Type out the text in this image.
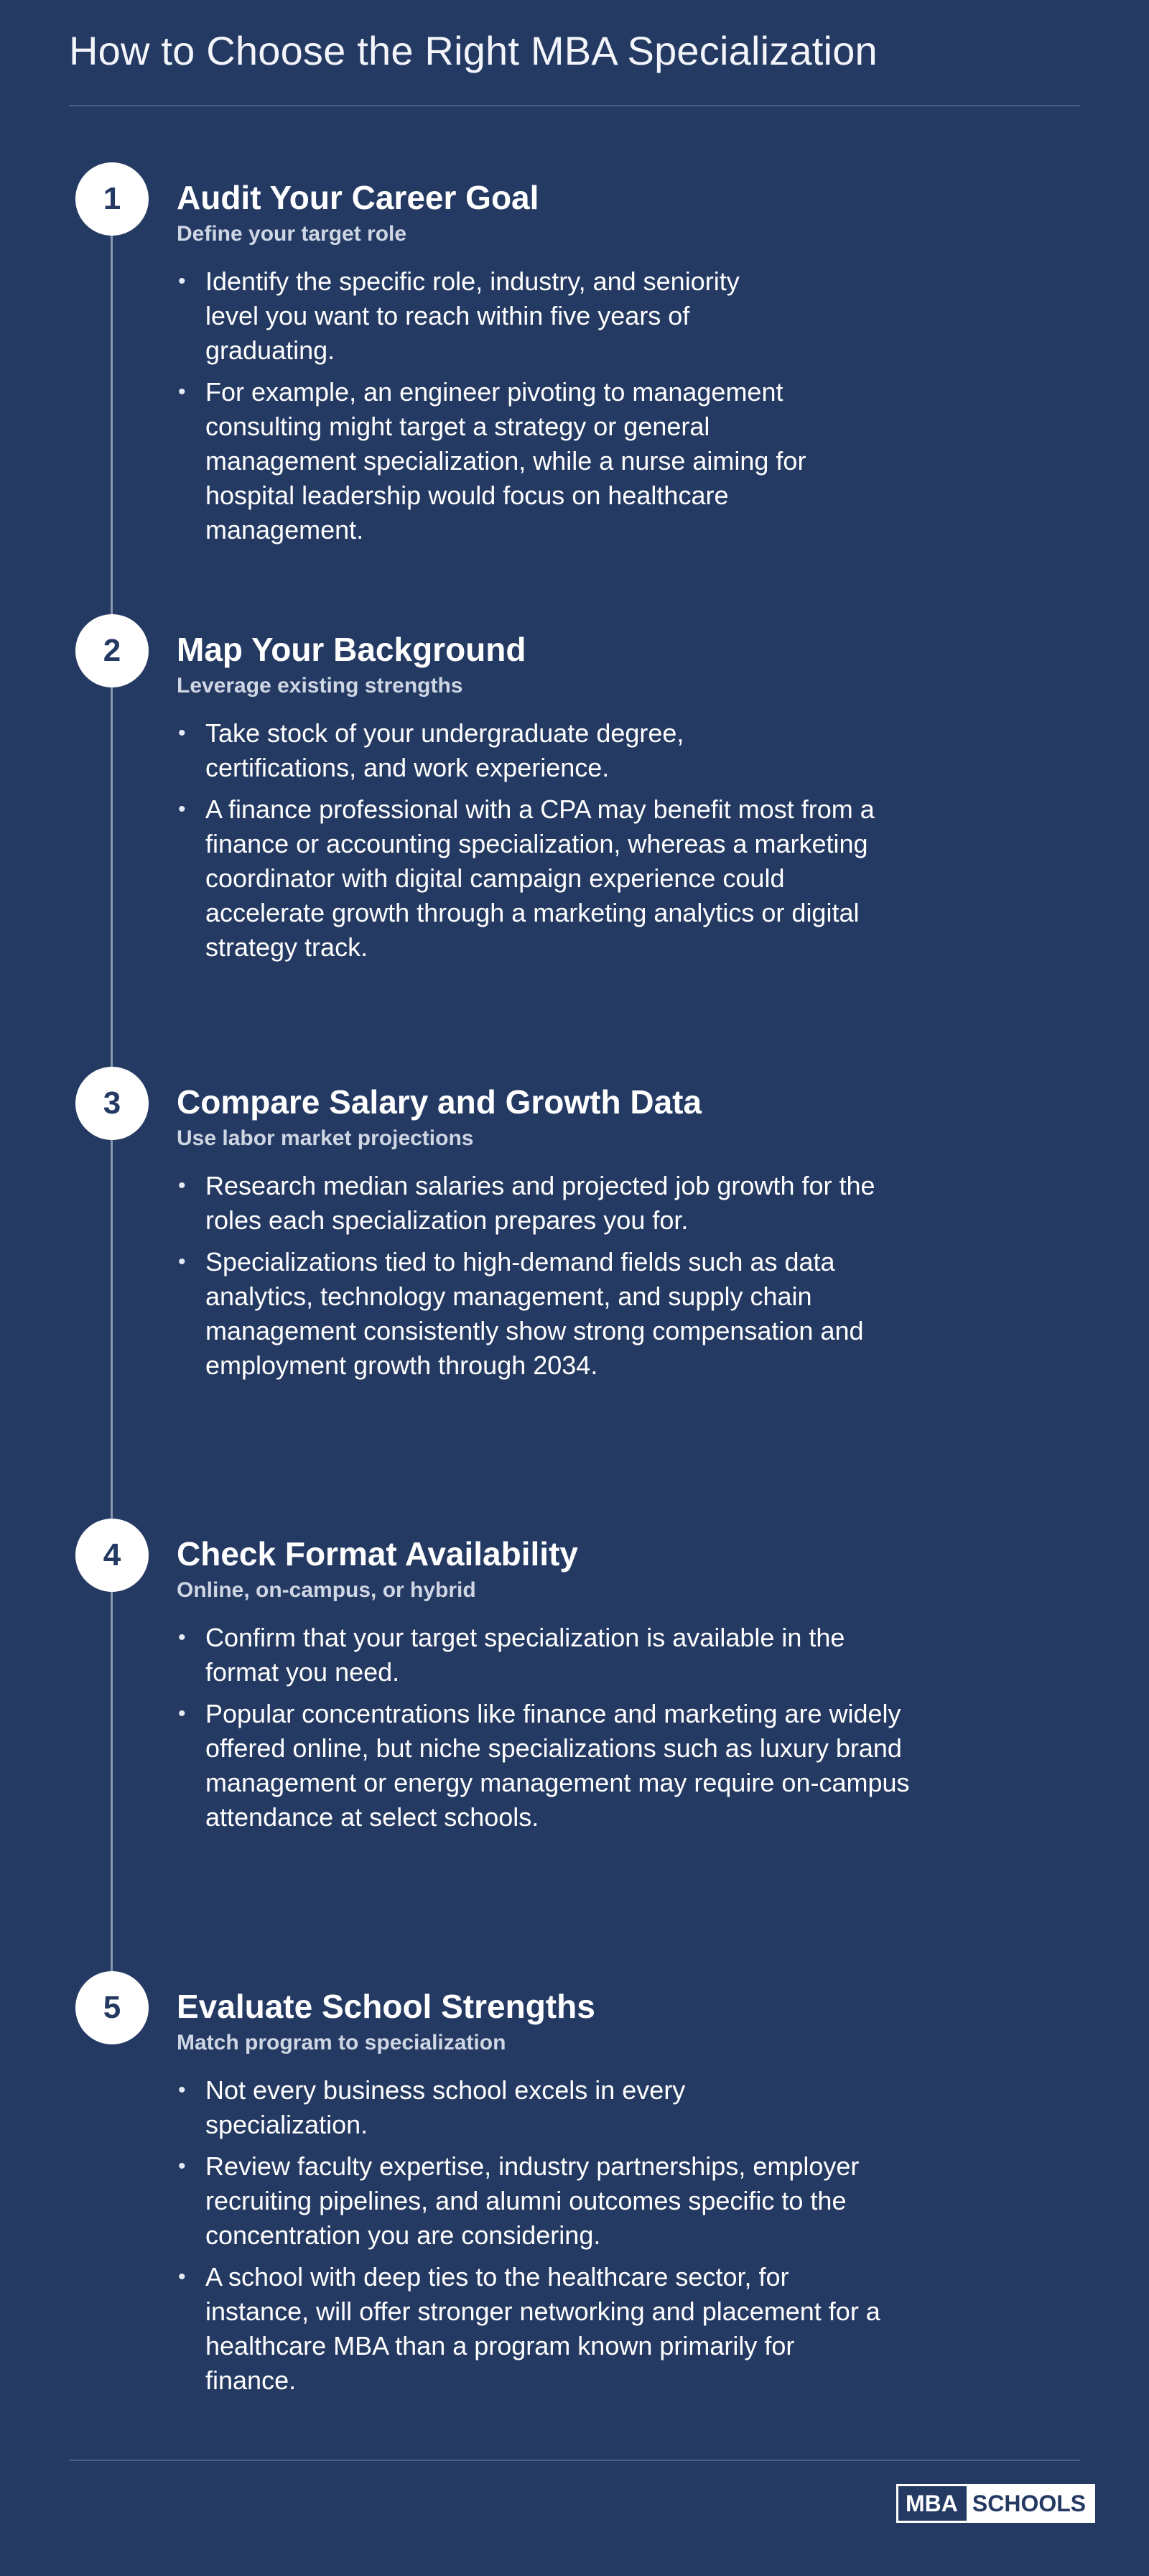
How to Choose the Right MBA Specialization
1	Audit Your Career Goal
Define your target role
• Identify the specific role, industry, and seniority level you want to reach within five years of graduating.
• For example, an engineer pivoting to management consulting might target a strategy or general management specialization, while a nurse aiming for hospital leadership would focus on healthcare management.
2	Map Your Background
Leverage existing strengths
• Take stock of your undergraduate degree, certifications, and work experience.
• A finance professional with a CPA may benefit most from a finance or accounting specialization, whereas a marketing coordinator with digital campaign experience could accelerate growth through a marketing analytics or digital strategy track.
3	Compare Salary and Growth Data
Use labor market projections
• Research median salaries and projected job growth for the roles each specialization prepares you for.
• Specializations tied to high-demand fields such as data analytics, technology management, and supply chain management consistently show strong compensation and employment growth through 2034.
4	Check Format Availability
Online, on-campus, or hybrid
• Confirm that your target specialization is available in the format you need.
• Popular concentrations like finance and marketing are widely offered online, but niche specializations such as luxury brand management or energy management may require on-campus attendance at select schools.
5	Evaluate School Strengths
Match program to specialization
• Not every business school excels in every specialization.
• Review faculty expertise, industry partnerships, employer recruiting pipelines, and alumni outcomes specific to the concentration you are considering.
• A school with deep ties to the healthcare sector, for instance, will offer stronger networking and placement for a healthcare MBA than a program known primarily for finance.
MBA SCHOOLS
